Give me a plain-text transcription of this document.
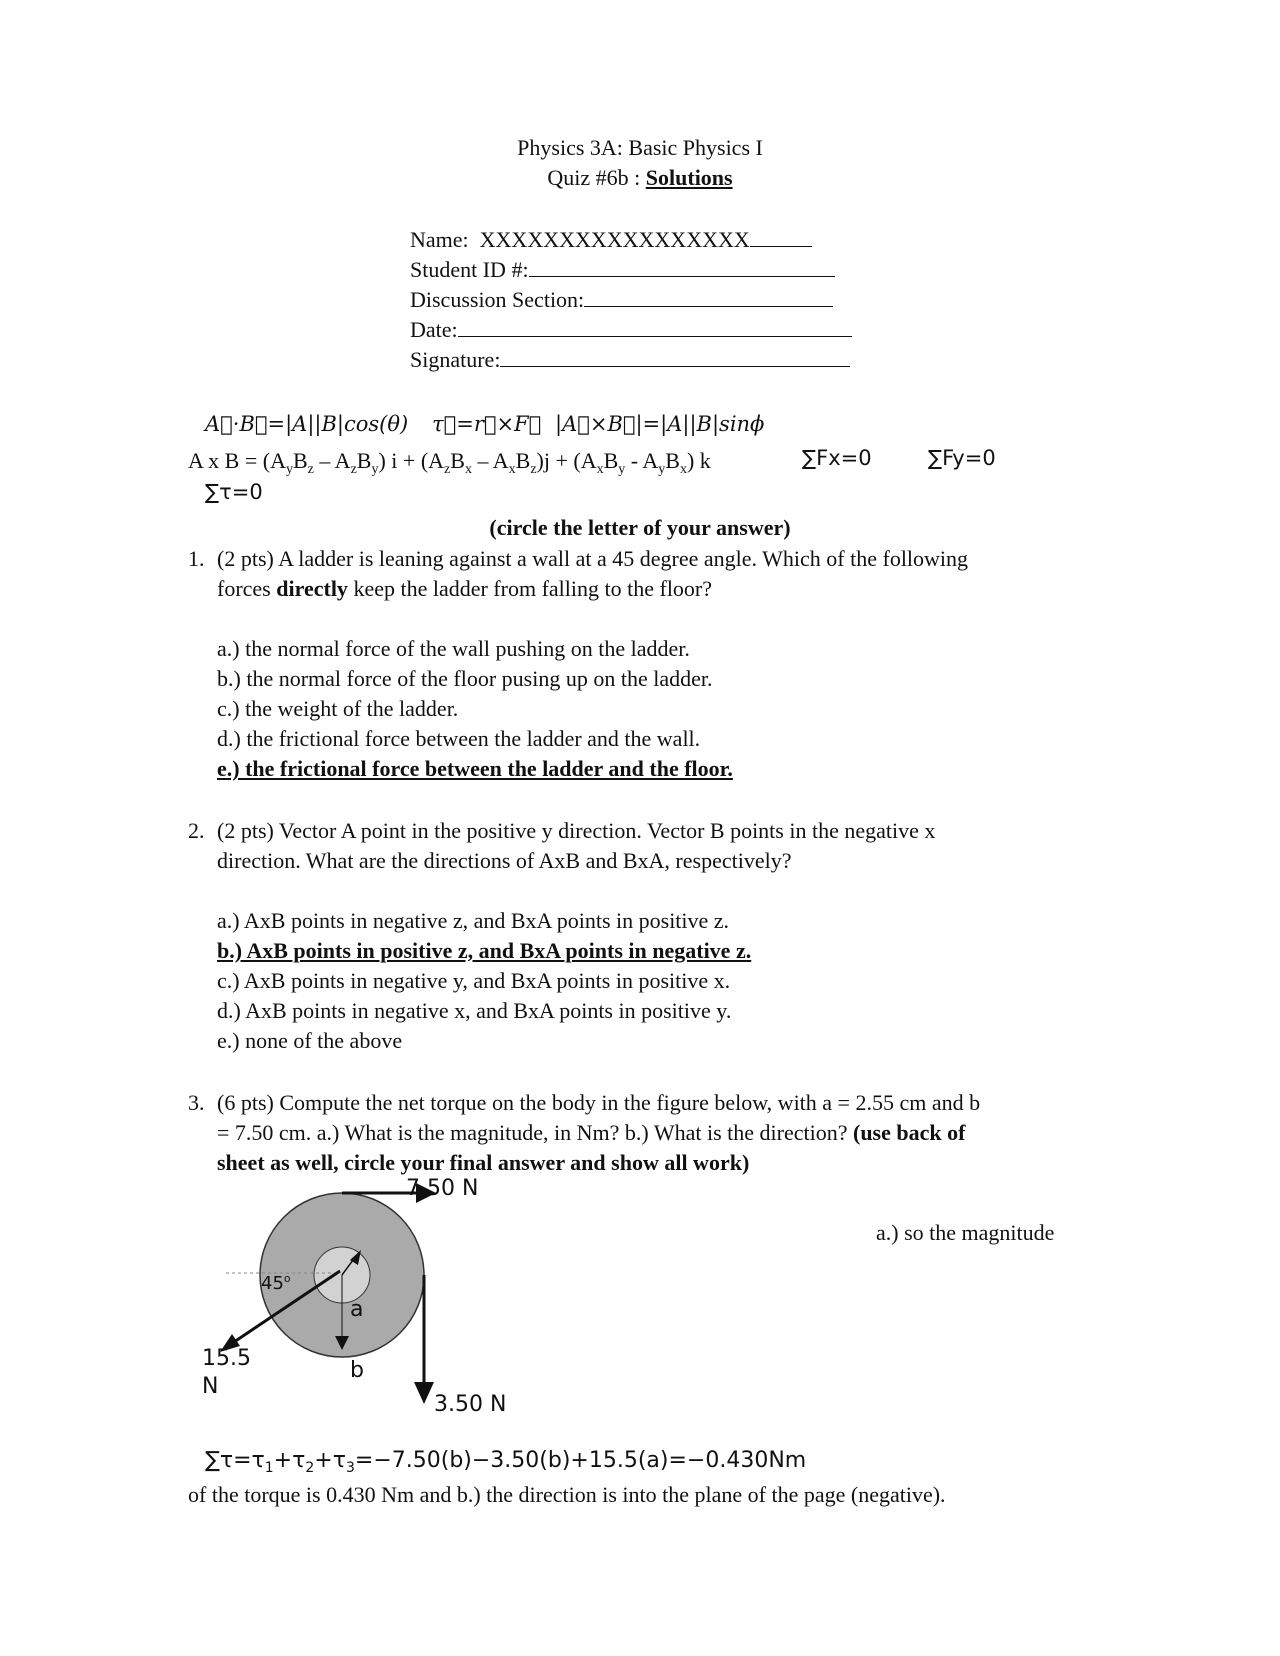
Physics 3A: Basic Physics I
Quiz #6b : Solutions
Name: XXXXXXXXXXXXXXXXX
Student ID #:
Discussion Section:
Date:
Signature:
A⃗·B⃗=|A||B|cos(θ) τ⃗=r⃗×F⃗ |A⃗×B⃗|=|A||B|sinϕ
A x $B = (A_yB_z - A_zB_y) i + (A_zB_x - A_xB_z)j + (A_xB_y - A_yB_x)$ k	∑Fx=0	∑Fy=0
∑τ=0
(circle the letter of your answer)
1. (2 pts) A ladder is leaning against a wall at a 45 degree angle. Which of the following
forces directly keep the ladder from falling to the floor?
a.) the normal force of the wall pushing on the ladder.
b.) the normal force of the floor pusing up on the ladder.
c.) the weight of the ladder.
d.) the frictional force between the ladder and the wall.
e.) the frictional force between the ladder and the floor.
2. (2 pts) Vector A point in the positive y direction. Vector B points in the negative x
direction. What are the directions of AxB and BxA, respectively?
a.) AxB points in negative z, and BxA points in positive z.
b.) AxB points in positive z, and BxA points in negative z.
c.) AxB points in negative y, and BxA points in positive x.
d.) AxB points in negative x, and BxA points in positive y.
e.) none of the above
3. (6 pts) Compute the net torque on the body in the figure below, with a = 2.55 cm and b
= 7.50 cm. a.) What is the magnitude, in Nm? b.) What is the direction? (use back of
sheet as well, circle your final answer and show all work)
7.50 N
45$^o$
a
b
15.5
N
3.50 N
a.) so the magnitude
$\sum\tau=\tau_1+\tau_2+\tau_3=-7.50(b)-3.50(b)+15.5(a)=-0.430Nm$
of the torque is 0.430 Nm and b.) the direction is into the plane of the page (negative).
